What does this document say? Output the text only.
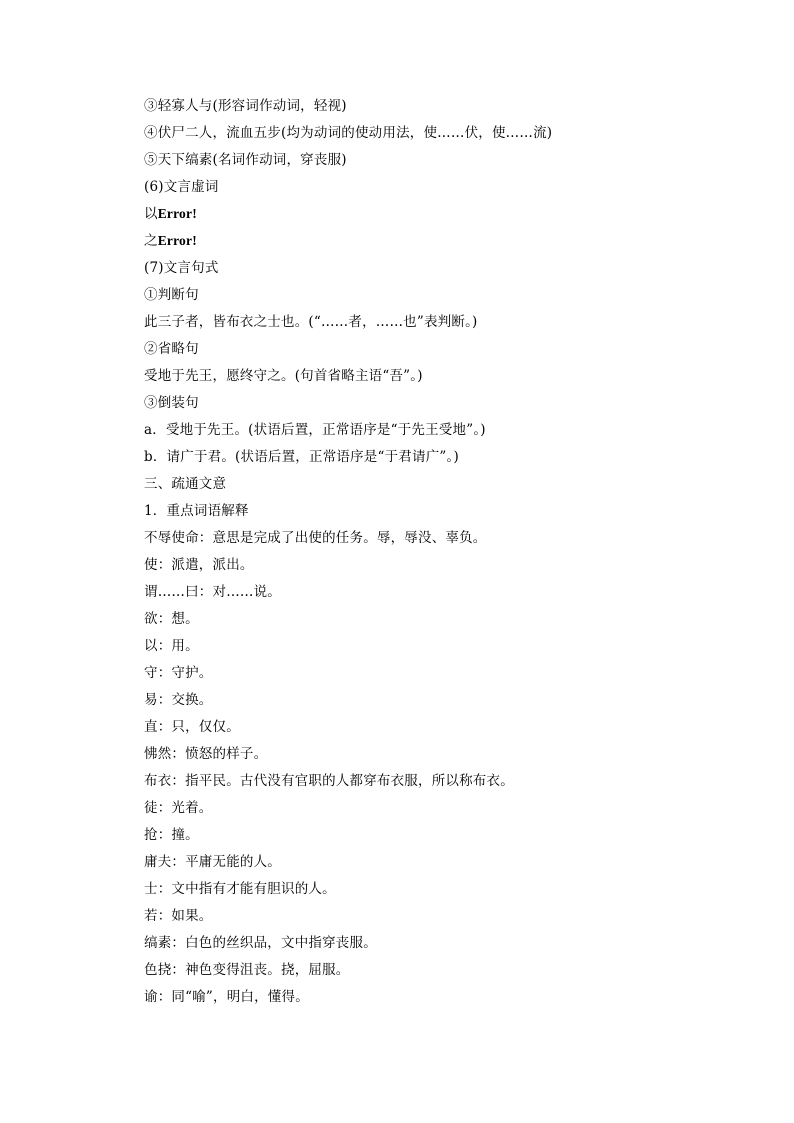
③轻寡人与(形容词作动词，轻视)
④伏尸二人，流血五步(均为动词的使动用法，使……伏，使……流)
⑤天下缟素(名词作动词，穿丧服)
(6)文言虚词
以Error!
之Error!
(7)文言句式
①判断句
此三子者，皆布衣之士也。(“……者，……也”表判断。)
②省略句
受地于先王，愿终守之。(句首省略主语“吾”。)
③倒装句
a．受地于先王。(状语后置，正常语序是“于先王受地”。)
b．请广于君。(状语后置，正常语序是“于君请广”。)
三、疏通文意
1．重点词语解释
不辱使命：意思是完成了出使的任务。辱，辱没、辜负。
使：派遣，派出。
谓……曰：对……说。
欲：想。
以：用。
守：守护。
易：交换。
直：只，仅仅。
怫然：愤怒的样子。
布衣：指平民。古代没有官职的人都穿布衣服，所以称布衣。
徒：光着。
抢：撞。
庸夫：平庸无能的人。
士：文中指有才能有胆识的人。
若：如果。
缟素：白色的丝织品，文中指穿丧服。
色挠：神色变得沮丧。挠，屈服。
谕：同“喻”，明白，懂得。
